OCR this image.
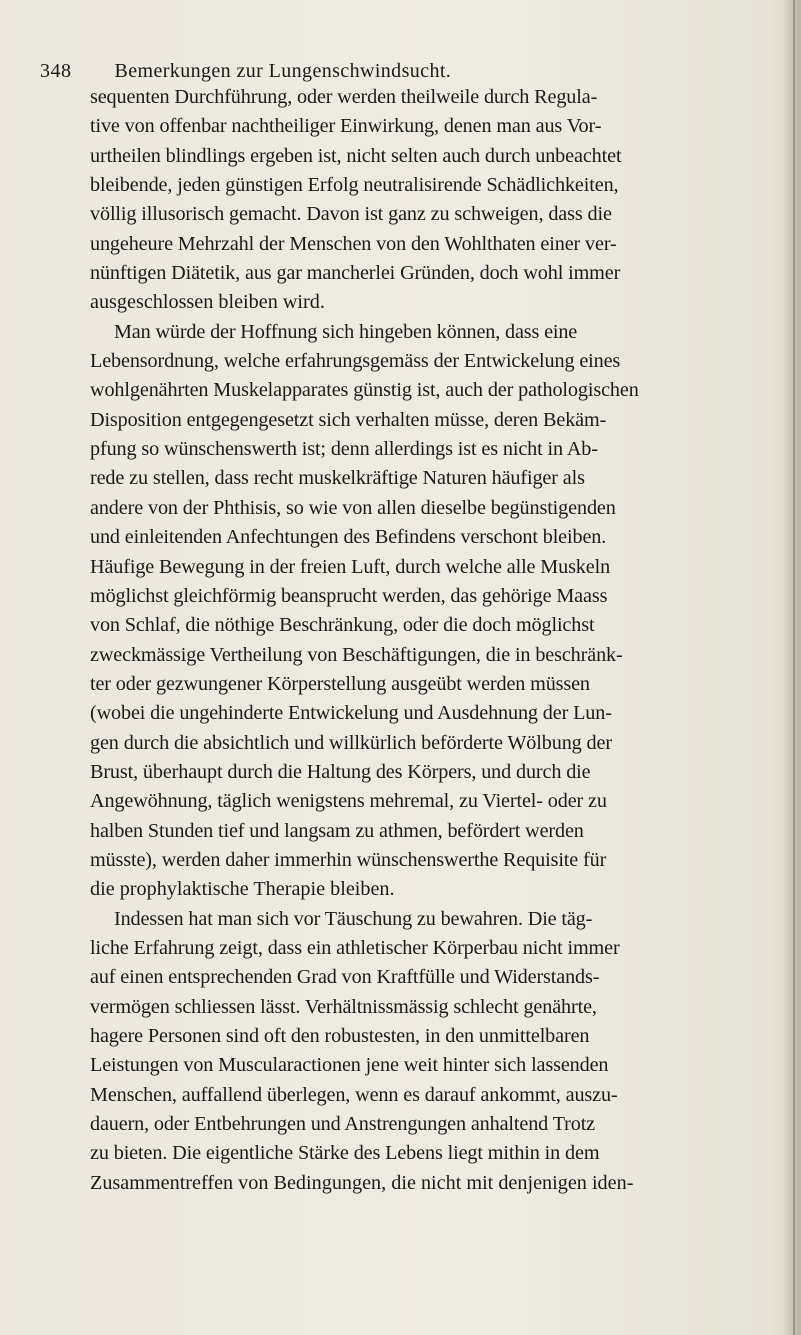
348 Bemerkungen zur Lungenschwindsucht.
sequenten Durchführung, oder werden theilweile durch Regula-
tive von offenbar nachtheiliger Einwirkung, denen man aus Vor-
urtheilen blindlings ergeben ist, nicht selten auch durch unbeachtet
bleibende, jeden günstigen Erfolg neutralisirende Schädlichkeiten,
völlig illusorisch gemacht. Davon ist ganz zu schweigen, dass die
ungeheure Mehrzahl der Menschen von den Wohlthaten einer ver-
nünftigen Diätetik, aus gar mancherlei Gründen, doch wohl immer
ausgeschlossen bleiben wird.
Man würde der Hoffnung sich hingeben können, dass eine
Lebensordnung, welche erfahrungsgemäss der Entwickelung eines
wohlgenährten Muskelapparates günstig ist, auch der pathologischen
Disposition entgegengesetzt sich verhalten müsse, deren Bekäm-
pfung so wünschenswerth ist; denn allerdings ist es nicht in Ab-
rede zu stellen, dass recht muskelkräftige Naturen häufiger als
andere von der Phthisis, so wie von allen dieselbe begünstigenden
und einleitenden Anfechtungen des Befindens verschont bleiben.
Häufige Bewegung in der freien Luft, durch welche alle Muskeln
möglichst gleichförmig beansprucht werden, das gehörige Maass
von Schlaf, die nöthige Beschränkung, oder die doch möglichst
zweckmässige Vertheilung von Beschäftigungen, die in beschränk-
ter oder gezwungener Körperstellung ausgeübt werden müssen
(wobei die ungehinderte Entwickelung und Ausdehnung der Lun-
gen durch die absichtlich und willkürlich beförderte Wölbung der
Brust, überhaupt durch die Haltung des Körpers, und durch die
Angewöhnung, täglich wenigstens mehremal, zu Viertel- oder zu
halben Stunden tief und langsam zu athmen, befördert werden
müsste), werden daher immerhin wünschenswerthe Requisite für
die prophylaktische Therapie bleiben.
Indessen hat man sich vor Täuschung zu bewahren. Die täg-
liche Erfahrung zeigt, dass ein athletischer Körperbau nicht immer
auf einen entsprechenden Grad von Kraftfülle und Widerstands-
vermögen schliessen lässt. Verhältnissmässig schlecht genährte,
hagere Personen sind oft den robustesten, in den unmittelbaren
Leistungen von Muscularactionen jene weit hinter sich lassenden
Menschen, auffallend überlegen, wenn es darauf ankommt, auszu-
dauern, oder Entbehrungen und Anstrengungen anhaltend Trotz
zu bieten. Die eigentliche Stärke des Lebens liegt mithin in dem
Zusammentreffen von Bedingungen, die nicht mit denjenigen iden-
